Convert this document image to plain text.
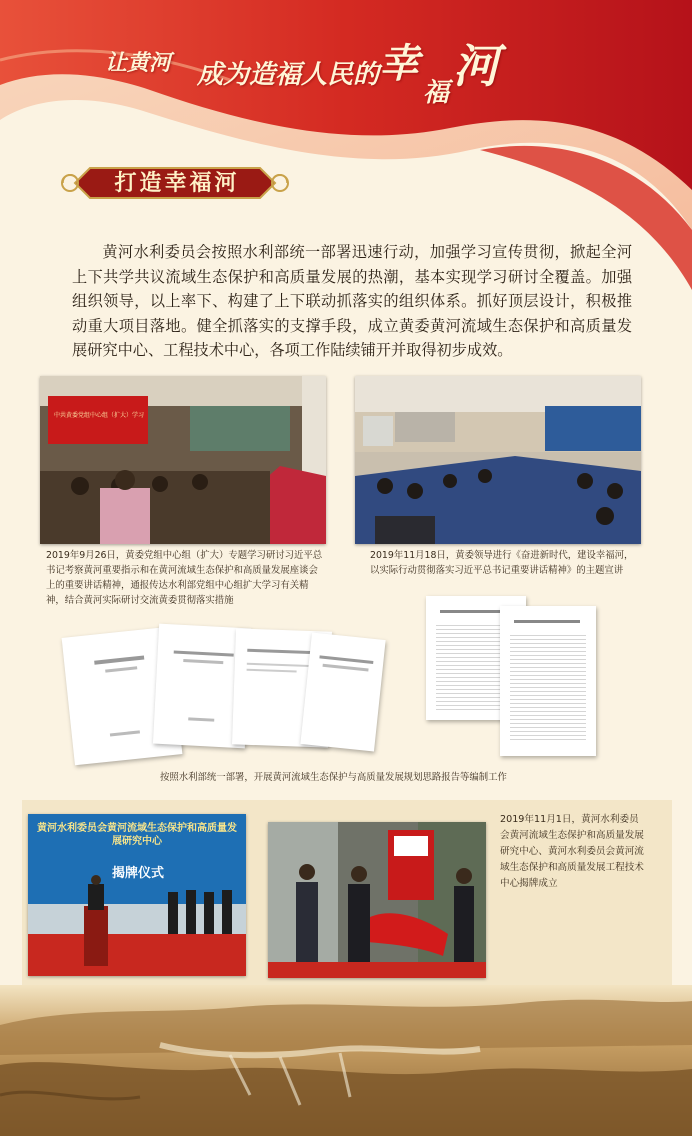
让黄河 成为造福人民的 幸
福 河
打造幸福河

黄河水利委员会按照水利部统一部署迅速行动，加强学习宣传贯彻，掀起全河上下共学共议流域生态保护和高质量发展的热潮，基本实现学习研讨全覆盖。加强组织领导，以上率下、构建了上下联动抓落实的组织体系。抓好顶层设计，积极推动重大项目落地。健全抓落实的支撑手段，成立黄委黄河流域生态保护和高质量发展研究中心、工程技术中心，各项工作陆续铺开并取得初步成效。

中共黄委党组中心组（扩大）学习

2019年9月26日，黄委党组中心组（扩大）专题学习研讨习近平总书记考察黄河重要指示和在黄河流域生态保护和高质量发展座谈会上的重要讲话精神，通报传达水利部党组中心组扩大学习有关精神，结合黄河实际研讨交流黄委贯彻落实措施

2019年11月18日，黄委领导进行《奋进新时代，建设幸福河，以实际行动贯彻落实习近平总书记重要讲话精神》的主题宣讲

按照水利部统一部署，开展黄河流域生态保护与高质量发展规划思路报告等编制工作

黄河水利委员会黄河流域生态保护和高质量发展研究中心
揭牌仪式

2019年11月1日，黄河水利委员会黄河流域生态保护和高质量发展研究中心、黄河水利委员会黄河流域生态保护和高质量发展工程技术中心揭牌成立
